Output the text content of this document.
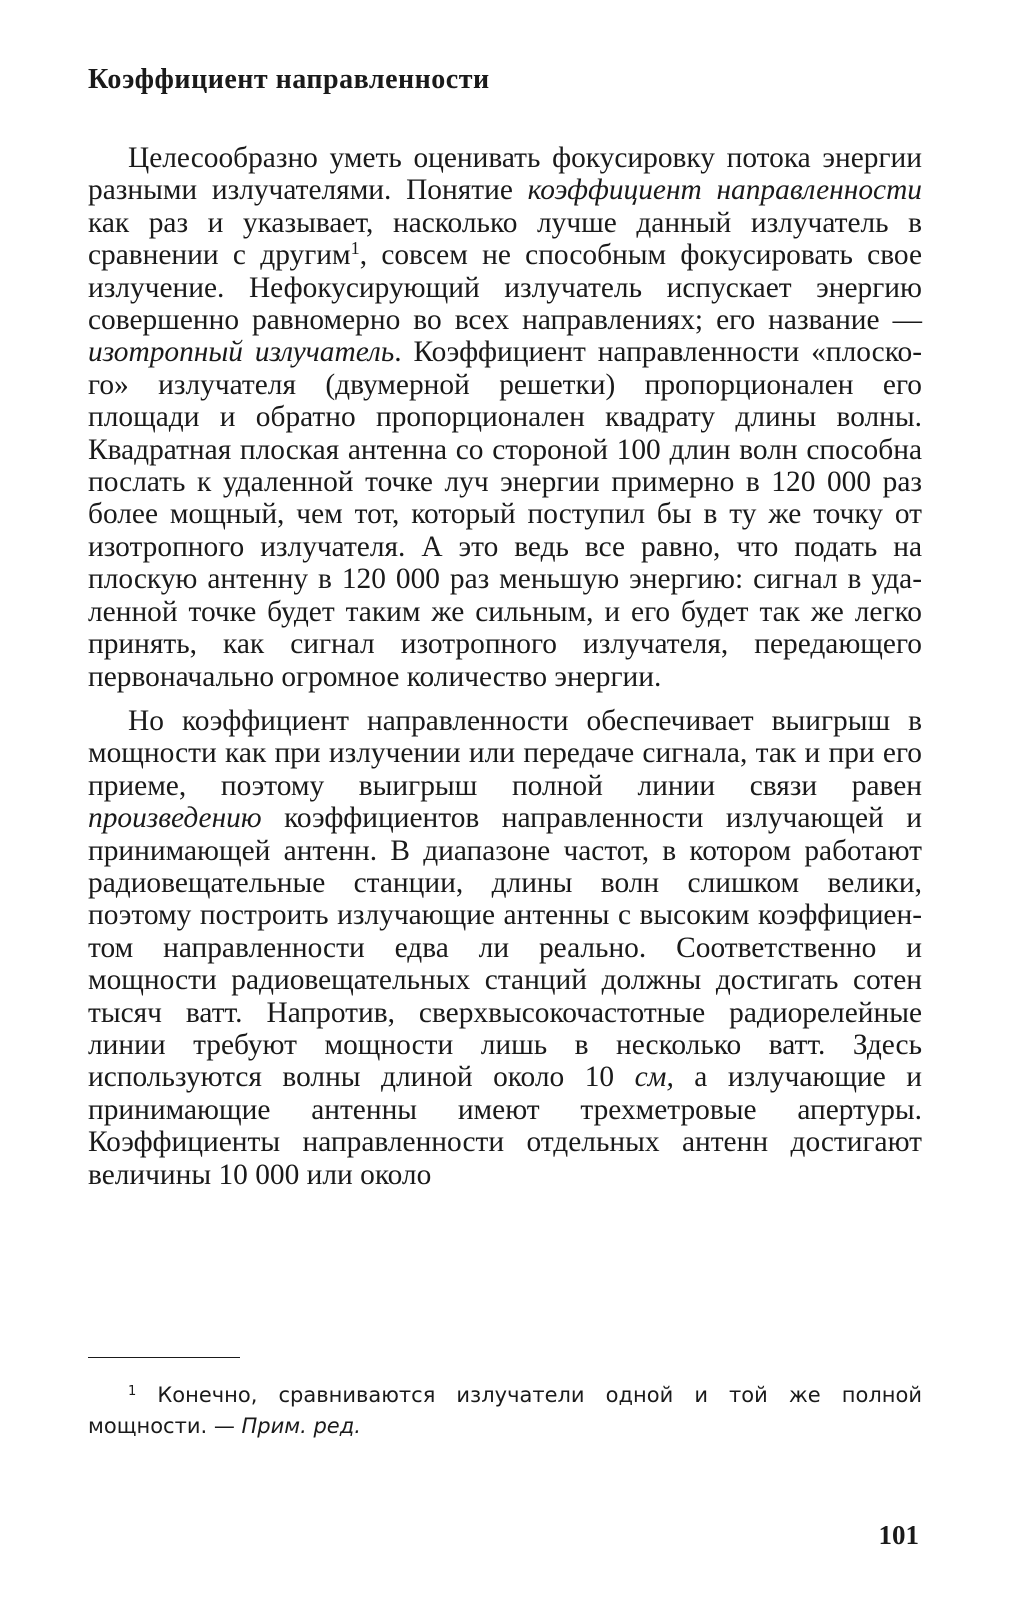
Коэффициент направленности

Целесообразно уметь оценивать фокусировку потока энергии разными излучателями. Понятие коэффициент направленности как раз и указывает, насколько лучше данный излучатель в сравнении с другим$^1$, совсем не способным фокусировать свое излучение. Нефокусирующий излучатель испускает энергию совершенно равномерно во всех направлениях; его название — изотропный излучатель. Коэффициент направленности «плоского» излучателя (двумерной решетки) пропорционален его площади и обратно пропорционален квадрату длины волны. Квадратная плоская антенна со стороной 100 длин волн способна послать к удаленной точке луч энергии примерно в 120 000 раз более мощный, чем тот, который поступил бы в ту же точку от изотропного излучателя. А это ведь все равно, что подать на плоскую антенну в 120 000 раз меньшую энергию: сигнал в удаленной точке будет таким же сильным, и его будет так же легко принять, как сигнал изотропного излучателя, передающего первоначально огромное количество энергии.

Но коэффициент направленности обеспечивает выигрыш в мощности как при излучении или передаче сигнала, так и при его приеме, поэтому выигрыш полной линии связи равен произведению коэффициентов направленности излучающей и принимающей антенн. В диапазоне частот, в котором работают радиовещательные станции, длины волн слишком велики, поэтому построить излучающие антенны с высоким коэффициентом направленности едва ли реально. Соответственно и мощности радиовещательных станций должны достигать сотен тысяч ватт. Напротив, сверхвысокочастотные радиорелейные линии требуют мощности лишь в несколько ватт. Здесь используются волны длиной около 10 см, а излучающие и принимающие антенны имеют трехметровые апертуры. Коэффициенты направленности отдельных антенн достигают величины 10 000 или около

$^1$ Конечно, сравниваются излучатели одной и той же полной мощности. — Прим. ред.

101
